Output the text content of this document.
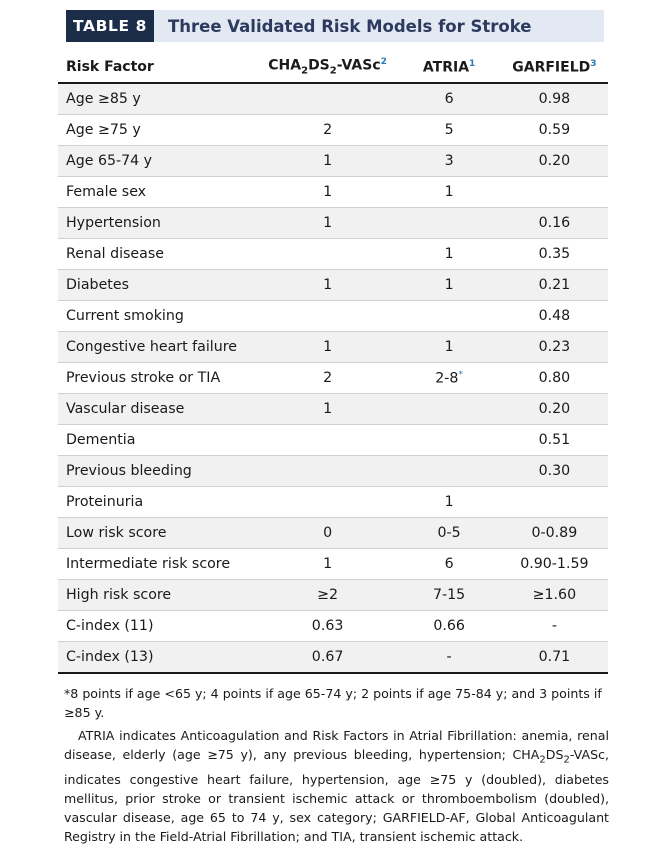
TABLE 8	Three Validated Risk Models for Stroke
Risk Factor	$CHA_2DS_2-VASc^2$	ATRIA$^1$	GARFIELD$^3$
Age ≥85 y		6	0.98
Age ≥75 y	2	5	0.59
Age 65-74 y	1	3	0.20
Female sex	1	1	
Hypertension	1		0.16
Renal disease		1	0.35
Diabetes	1	1	0.21
Current smoking			0.48
Congestive heart failure	1	1	0.23
Previous stroke or TIA	2	2-8*	0.80
Vascular disease	1		0.20
Dementia			0.51
Previous bleeding			0.30
Proteinuria		1	
Low risk score	0	0-5	0-0.89
Intermediate risk score	1	6	0.90-1.59
High risk score	≥2	7-15	≥1.60
C-index (11)	0.63	0.66	-
C-index (13)	0.67	-	0.71

*8 points if age <65 y; 4 points if age 65-74 y; 2 points if age 75-84 y; and 3 points if ≥85 y.

ATRIA indicates Anticoagulation and Risk Factors in Atrial Fibrillation: anemia, renal disease, elderly (age ≥75 y), any previous bleeding, hypertension; $CHA_2DS_2$-VASc, indicates congestive heart failure, hypertension, age ≥75 y (doubled), diabetes mellitus, prior stroke or transient ischemic attack or thromboembolism (doubled), vascular disease, age 65 to 74 y, sex category; GARFIELD-AF, Global Anticoagulant Registry in the Field-Atrial Fibrillation; and TIA, transient ischemic attack.
